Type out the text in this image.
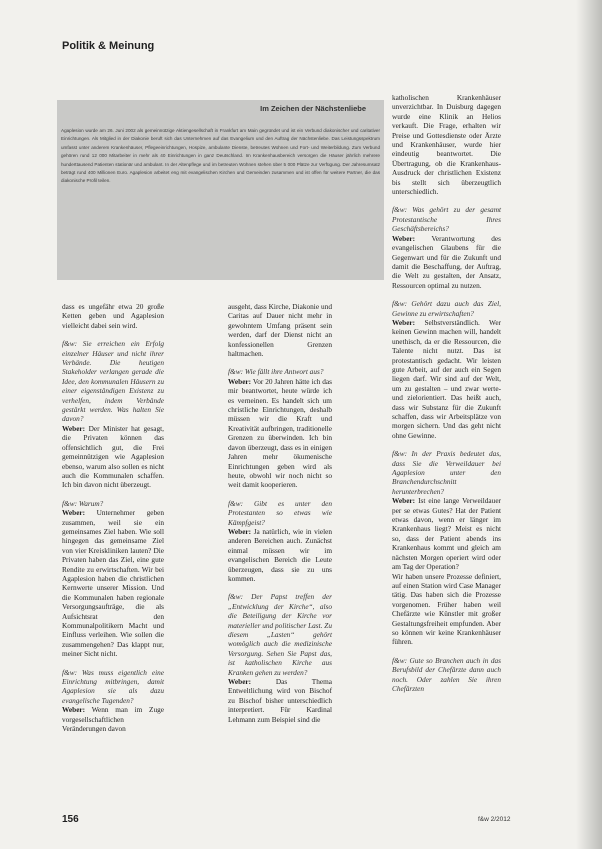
Politik & Meinung
Im Zeichen der Nächstenliebe
Agaplesion wurde am 26. Juni 2002 als gemeinnützige Aktiengesellschaft in Frankfurt am Main gegründet und ist ein Verbund diakonischer und caritativer Einrichtungen. Als Mitglied in der Diakonie beruft sich das Unternehmen auf das Evangelium und den Auftrag der Nächstenliebe. Das Leistungsspektrum umfasst unter anderem Krankenhäuser, Pflegeeinrichtungen, Hospize, ambulante Dienste, betreutes Wohnen und Fort- und Weiterbildung. Zum Verbund gehören rund 12 000 Mitarbeiter in mehr als 40 Einrichtungen in ganz Deutschland. Im Krankenhausbereich versorgen die Häuser jährlich mehrere hunderttausend Patienten stationär und ambulant. In der Altenpflege und im betreuten Wohnen stehen über 5 000 Plätze zur Verfügung. Der Jahresumsatz beträgt rund 400 Millionen Euro. Agaplesion arbeitet eng mit evangelischen Kirchen und Gemeinden zusammen und ist offen für weitere Partner, die das diakonische Profil teilen.

dass es ungefähr etwa 20 große Ketten geben und Agaplesion vielleicht dabei sein wird.

f&w: Sie erreichen ein Erfolg einzelner Häuser und nicht ihrer Verbände. Die heutigen Stakeholder verlangen gerade die Idee, den kommunalen Häusern zu einer eigenständigen Existenz zu verhelfen, indem Verbände gestärkt werden. Was halten Sie davon?

Weber: Der Minister hat gesagt, die Privaten können das offensichtlich gut, die Frei gemeinnützigen wie Agaplesion ebenso, warum also sollen es nicht auch die Kommunalen schaffen. Ich bin davon nicht überzeugt.

f&w: Warum?

Weber: Unternehmer geben zusammen, weil sie ein gemeinsames Ziel haben. Wie soll hingegen das gemeinsame Ziel von vier Kreiskliniken lauten? Die Privaten haben das Ziel, eine gute Rendite zu erwirtschaften. Wir bei Agaplesion haben die christlichen Kernwerte unserer Mission. Und die Kommunalen haben regionale Versorgungsaufträge, die als Aufsichtsrat den Kommunalpolitikern Macht und Einfluss verleihen. Wie sollen die zusammengehen? Das klappt nur, meiner Sicht nicht.

f&w: Was muss eigentlich eine Einrichtung mitbringen, damit Agaplesion sie als dazu evangelische Tugenden?

Weber: Wenn man im Zuge vorgesellschaftlichen Veränderungen davon

ausgeht, dass Kirche, Diakonie und Caritas auf Dauer nicht mehr in gewohntem Umfang präsent sein werden, darf der Dienst nicht an konfessionellen Grenzen haltmachen.

f&w: Wie fällt ihre Antwort aus?

Weber: Vor 20 Jahren hätte ich das mir beantwortet, heute würde ich es verneinen. Es handelt sich um christliche Einrichtungen, deshalb müssen wir die Kraft und Kreativität aufbringen, traditionelle Grenzen zu überwinden. Ich bin davon überzeugt, dass es in einigen Jahren mehr ökumenische Einrichtungen geben wird als heute, obwohl wir noch nicht so weit damit kooperieren.

f&w: Gibt es unter den Protestanten so etwas wie Kämpfgeist?

Weber: Ja natürlich, wie in vielen anderen Bereichen auch. Zunächst einmal müssen wir im evangelischen Bereich die Leute überzeugen, dass sie zu uns kommen.

f&w: Der Papst treffen der „Entwicklung der Kirche“, also die Beteiligung der Kirche vor materieller und politischer Last. Zu diesem „Lasten“ gehört womöglich auch die medizinische Versorgung. Sehen Sie Papst das, ist katholischen Kirche aus Kranken gehen zu werden?

Weber: Das Thema Entweltlichung wird von Bischof zu Bischof bisher unterschiedlich interpretiert. Für Kardinal Lehmann zum Beispiel sind die

katholischen Krankenhäuser unverzichtbar. In Duisburg dagegen wurde eine Klinik an Helios verkauft. Die Frage, erhalten wir Preise und Gottesdienste oder Ärzte und Krankenhäuser, wurde hier eindeutig beantwortet. Die Übertragung, ob die Krankenhaus-Ausdruck der christlichen Existenz bis stellt sich überzeugtlich unterschiedlich.

f&w: Was gehört zu der gesamt Protestantische Ihres Geschäftsbereichs?

Weber: Verantwortung des evangelischen Glaubens für die Gegenwart und für die Zukunft und damit die Beschaffung, der Auftrag, die Welt zu gestalten, der Ansatz, Ressourcen optimal zu nutzen.

f&w: Gehört dazu auch das Ziel, Gewinne zu erwirtschaften?

Weber: Selbstverständlich. Wer keinen Gewinn machen will, handelt unethisch, da er die Ressourcen, die Talente nicht nutzt. Das ist protestantisch gedacht. Wir leisten gute Arbeit, auf der auch ein Segen liegen darf. Wir sind auf der Welt, um zu gestalten – und zwar werte- und zielorientiert. Das heißt auch, dass wir Substanz für die Zukunft schaffen, dass wir Arbeitsplätze von morgen sichern. Und das geht nicht ohne Gewinne.

f&w: In der Praxis bedeutet das, dass Sie die Verweildauer bei Agaplesion unter den Branchendurchschnitt herunterbrechen?

Weber: Ist eine lange Verweildauer per se etwas Gutes? Hat der Patient etwas davon, wenn er länger im Krankenhaus liegt? Meist es nicht so, dass der Patient abends ins Krankenhaus kommt und gleich am nächsten Morgen operiert wird oder am Tag der Operation?

Wir haben unsere Prozesse definiert, auf einen Station wird Case Manager tätig. Das haben sich die Prozesse vorgenomen. Früher haben weil Chefärzte wie Künstler mit großer Gestaltungsfreiheit empfunden. Aber so können wir keine Krankenhäuser führen.

f&w: Gute so Branchen auch in das Berufsbild der Chefärzte dann auch noch. Oder zahlen Sie ihren Chefärzten

156	f&w 2/2012
